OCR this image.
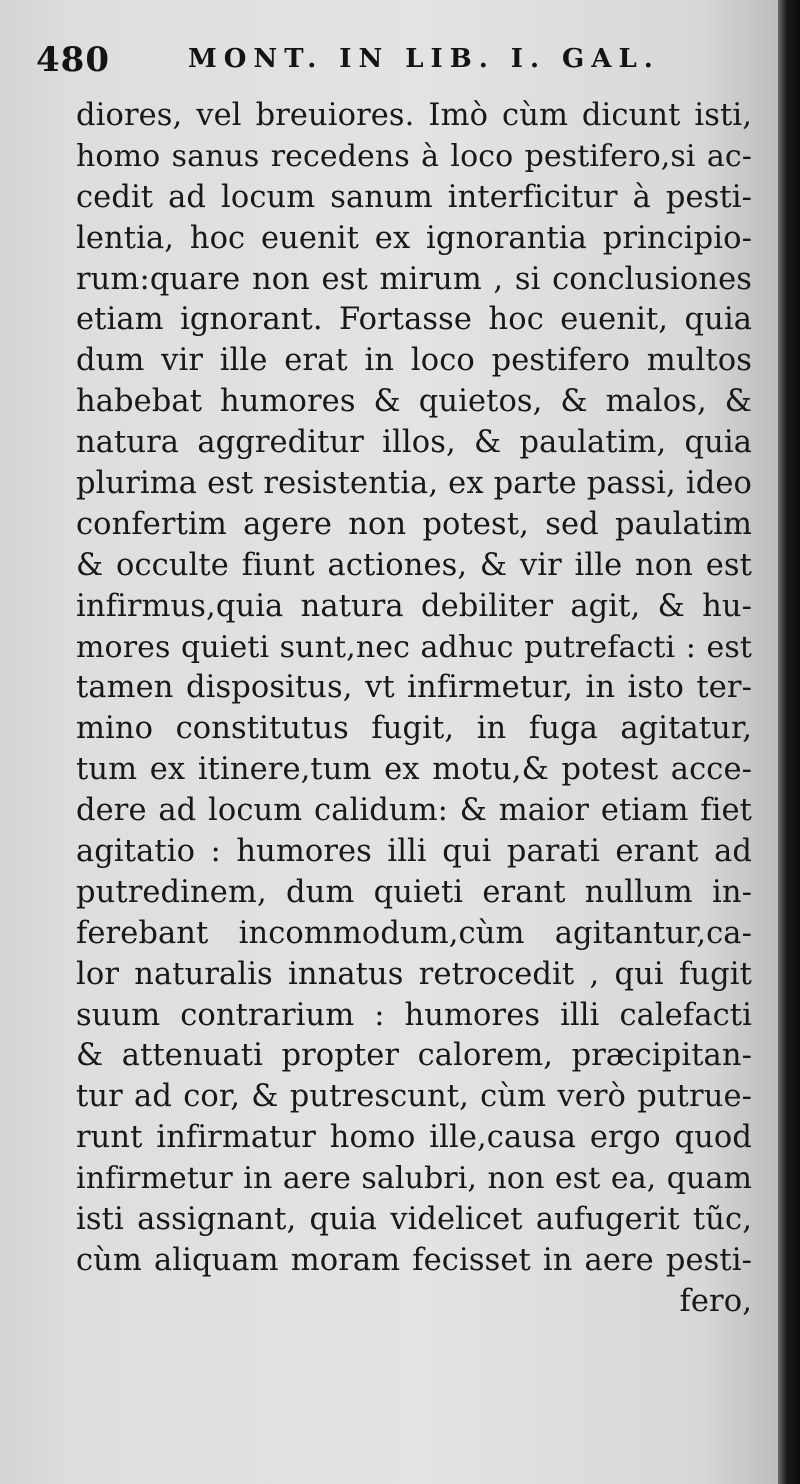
480	MONT. IN LIB. I. GAL.
diores, vel breuiores. Imò cùm dicunt isti,
homo sanus recedens à loco pestifero,si ac-
cedit ad locum sanum interficitur à pesti-
lentia, hoc euenit ex ignorantia principio-
rum:quare non est mirum , si conclusiones
etiam ignorant. Fortasse hoc euenit, quia
dum vir ille erat in loco pestifero multos
habebat humores & quietos, & malos, &
natura aggreditur illos, & paulatim, quia
plurima est resistentia, ex parte passi, ideo
confertim agere non potest, sed paulatim
& occulte fiunt actiones, & vir ille non est
infirmus,quia natura debiliter agit, & hu-
mores quieti sunt,nec adhuc putrefacti : est
tamen dispositus, vt infirmetur, in isto ter-
mino constitutus fugit, in fuga agitatur,
tum ex itinere,tum ex motu,& potest acce-
dere ad locum calidum: & maior etiam fiet
agitatio : humores illi qui parati erant ad
putredinem, dum quieti erant nullum in-
ferebant incommodum,cùm agitantur,ca-
lor naturalis innatus retrocedit , qui fugit
suum contrarium : humores illi calefacti
& attenuati propter calorem, præcipitan-
tur ad cor, & putrescunt, cùm verò putrue-
runt infirmatur homo ille,causa ergo quod
infirmetur in aere salubri, non est ea, quam
isti assignant, quia videlicet aufugerit tũc,
cùm aliquam moram fecisset in aere pesti-
fero,
